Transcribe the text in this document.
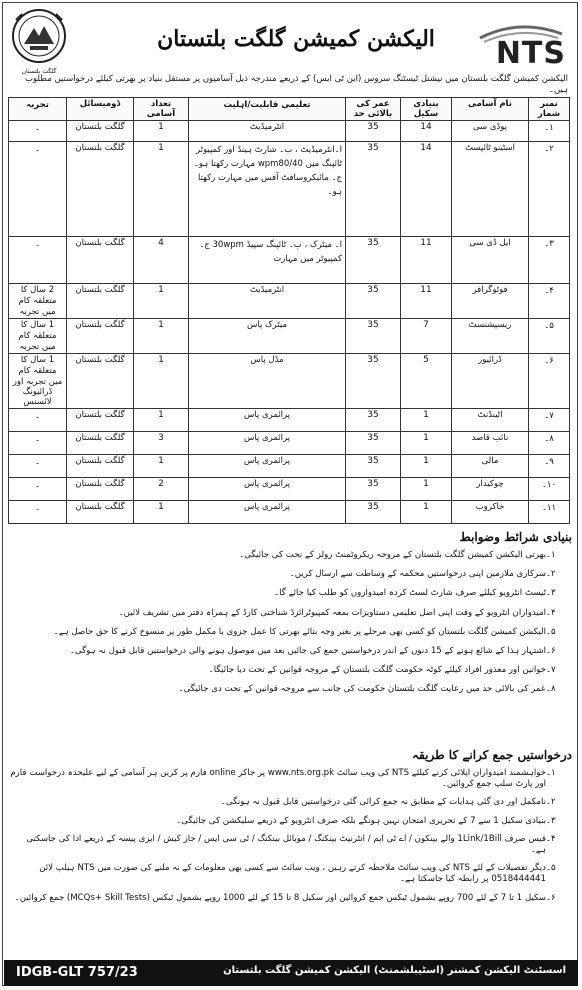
گلگت بلتستان
الیکشن کمیشن گلگت بلتستان	NTS
الیکشن کمیشن گلگت بلتستان میں نیشنل ٹیسٹنگ سروس (این ٹی ایس) کے ذریعے مندرجہ ذیل آسامیوں پر مستقل بنیاد پر بھرتی کیلئے درخواستیں مطلوب ہیں۔
نمبر شمار	نام آسامی	بنیادی سکیل	عمر کی بالائی حد	تعلیمی قابلیت/اہلیت	تعداد آسامی	ڈومیسائل	تجربہ
۱۔	یوڈی سی	14	35	انٹرمیڈیٹ	1	گلگت بلتستان	۔
۲۔	اسٹینو ٹائپسٹ	14	35	ا۔انٹرمیڈیٹ ، ب۔ شارٹ ہینڈ اور کمپیوٹر ٹائپنگ میں wpm80/40 مہارت رکھتا ہو۔ ج۔ مائیکروسافٹ آفس میں مہارت رکھتا ہو۔	1	گلگت بلتستان	۔
۳۔	ایل ڈی سی	11	35	ا۔ میٹرک ، ب۔ ٹائپنگ سپیڈ 30wpm ج۔ کمپیوٹر میں مہارت	4	گلگت بلتستان	۔
۴۔	فوٹوگرافر	11	35	انٹرمیڈیٹ	1	گلگت بلتستان	2 سال کا متعلقہ کام میں تجربہ
۵۔	ریسپشنسٹ	7	35	میٹرک پاس	1	گلگت بلتستان	1 سال کا متعلقہ کام میں تجربہ
۶۔	ڈرائیور	5	35	مڈل پاس	1	گلگت بلتستان	1 سال کا متعلقہ کام میں تجربہ اور ڈرائیونگ لائسنس
۷۔	اٹینڈنٹ	1	35	پرائمری پاس	1	گلگت بلتستان	۔
۸۔	نائب قاصد	1	35	پرائمری پاس	3	گلگت بلتستان	۔
۹۔	مالی	1	35	پرائمری پاس	1	گلگت بلتستان	۔
۱۰۔	چوکیدار	1	35	پرائمری پاس	2	گلگت بلتستان	۔
۱۱۔	خاکروب	1	35	پرائمری پاس	1	گلگت بلتستان	۔
بنیادی شرائط وضوابط
۱۔
بھرتی الیکشن کمیشن گلگت بلتستان کے مروجہ ریکروٹمنٹ رولز کے تحت کی جائیگی۔
۲۔
سرکاری ملازمین اپنی درخواستیں محکمہ کے وساطت سے ارسال کریں۔
۳۔
ٹیسٹ انٹرویو کیلئے صرف شارٹ لسٹ کردہ امیدواروں کو طلب کیا جائے گا۔
۴۔
امیدواران انٹرویو کے وقت اپنی اصل تعلیمی دستاویزات بمعہ کمپیوٹرائزڈ شناختی کارڈ کے ہمراہ دفتر میں تشریف لائیں۔
۵۔
الیکشن کمیشن گلگت بلتستان کو کسی بھی مرحلے پر بغیر وجہ بتائے بھرتی کا عمل جزوی یا مکمل طور پر منسوخ کرنے کا حق حاصل ہے۔
۶۔
اشتہار ہذا کے شائع ہونے کے 15 دنوں کے اندر درخواستیں جمع کی جائیں بعد میں موصول ہونے والی درخواستیں قابل قبول نہ ہوگی۔
۷۔
خواتین اور معذور افراد کیلئے کوٹہ حکومت گلگت بلتستان کے مروجہ قوانین کے تحت دیا جائیگا۔
۸۔
عمر کی بالائی حد میں رعایت گلگت بلتستان حکومت کی جانب سے مروجہ قوانین کے تحت دی جائیگی۔
درخواستیں جمع کرانے کا طریقہ
۱۔
خواہشمند امیدواران اپلائی کرنے کیلئے NTS کی ویب سائٹ www.nts.org.pk پر جاکر online فارم پر کریں ہر آسامی کے لیے علیحدہ درخواست فارم اور پارٹ سلپ جمع کروائیں۔
۲۔
نامکمل اور دی گئی ہدایات کے مطابق نہ جمع کرائی گئی درخواستیں قابل قبول نہ ہونگی۔
۳۔
بنیادی سکیل 1 سے 7 کے تحریری امتحان نہیں ہونگے بلکہ صرف انٹرویو کے ذریعے سلیکشن کی جائیگی۔
۴۔
فیس صرف 1Link/1Bill والے بینکوں / اے ٹی ایم / انٹرنیٹ بینکنگ / موبائل بینکنگ / ٹی سی ایس / جاز کیش / ایزی پیسہ کے ذریعے ادا کی جاسکتی ہے۔
۵۔
دیگر تفصیلات کے لئے NTS کی ویب سائٹ ملاحظہ کرتے رہیں ، ویب سائٹ سے کسی بھی معلومات کے نہ ملنے کی صورت میں NTS ہیلپ لائن 0518444441 پر رابطہ کیا جاسکتا ہے۔
۶۔
سکیل 1 تا 7 کے لئے 700 روپے بشمول ٹیکس جمع کروائیں اور سکیل 8 تا 15 کے لئے 1000 روپے بشمول ٹیکس (MCQs+ Skill Tests) جمع کروائیں۔
IDGB-GLT 757/23	اسسٹنٹ الیکشن کمشنر (اسٹیبلشمنٹ) الیکشن کمیشن گلگت بلتستان
